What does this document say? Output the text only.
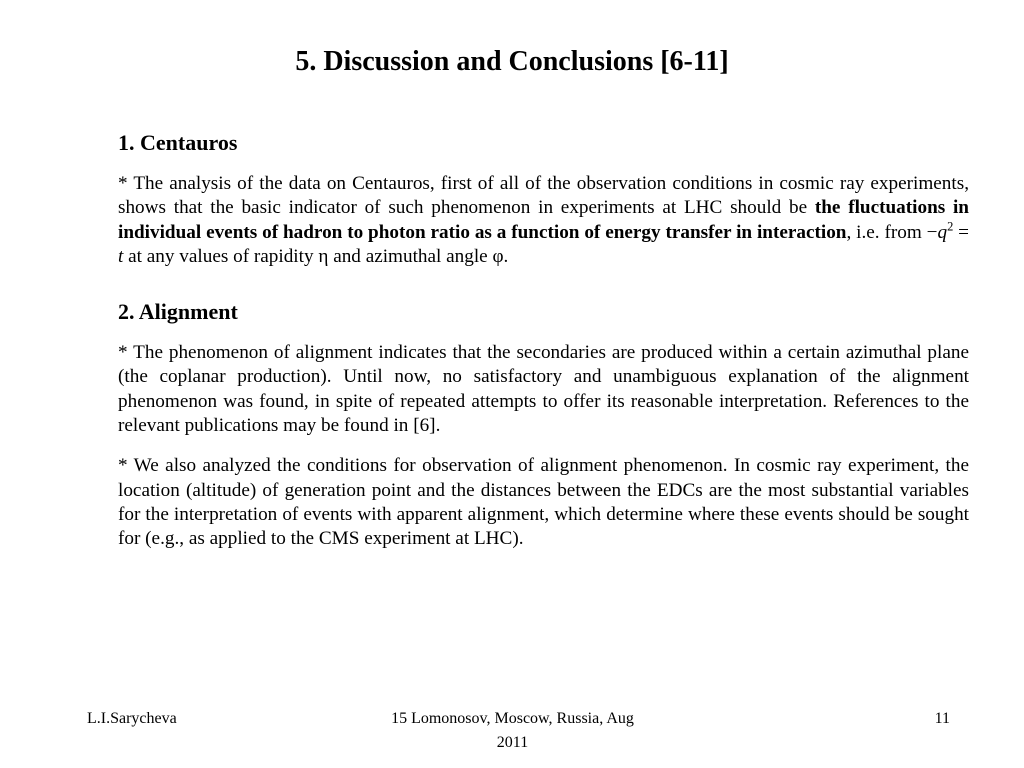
5. Discussion and Conclusions [6-11]
1. Centauros

* The analysis of the data on Centauros, first of all of the observation conditions in cosmic ray experiments, shows that the basic indicator of such phenomenon in experiments at LHC should be the fluctuations in individual events of hadron to photon ratio as a function of energy transfer in interaction, i.e. from $-q^2 = t$ at any values of rapidity η and azimuthal angle φ.

2. Alignment

* The phenomenon of alignment indicates that the secondaries are produced within a certain azimuthal plane (the coplanar production). Until now, no satisfactory and unambiguous explanation of the alignment phenomenon was found, in spite of repeated attempts to offer its reasonable interpretation. References to the relevant publications may be found in [6].

* We also analyzed the conditions for observation of alignment phenomenon. In cosmic ray experiment, the location (altitude) of generation point and the distances between the EDCs are the most substantial variables for the interpretation of events with apparent alignment, which determine where these events should be sought for (e.g., as applied to the CMS experiment at LHC).

L.I.Sarycheva	15 Lomonosov, Moscow, Russia, Aug
2011
11
